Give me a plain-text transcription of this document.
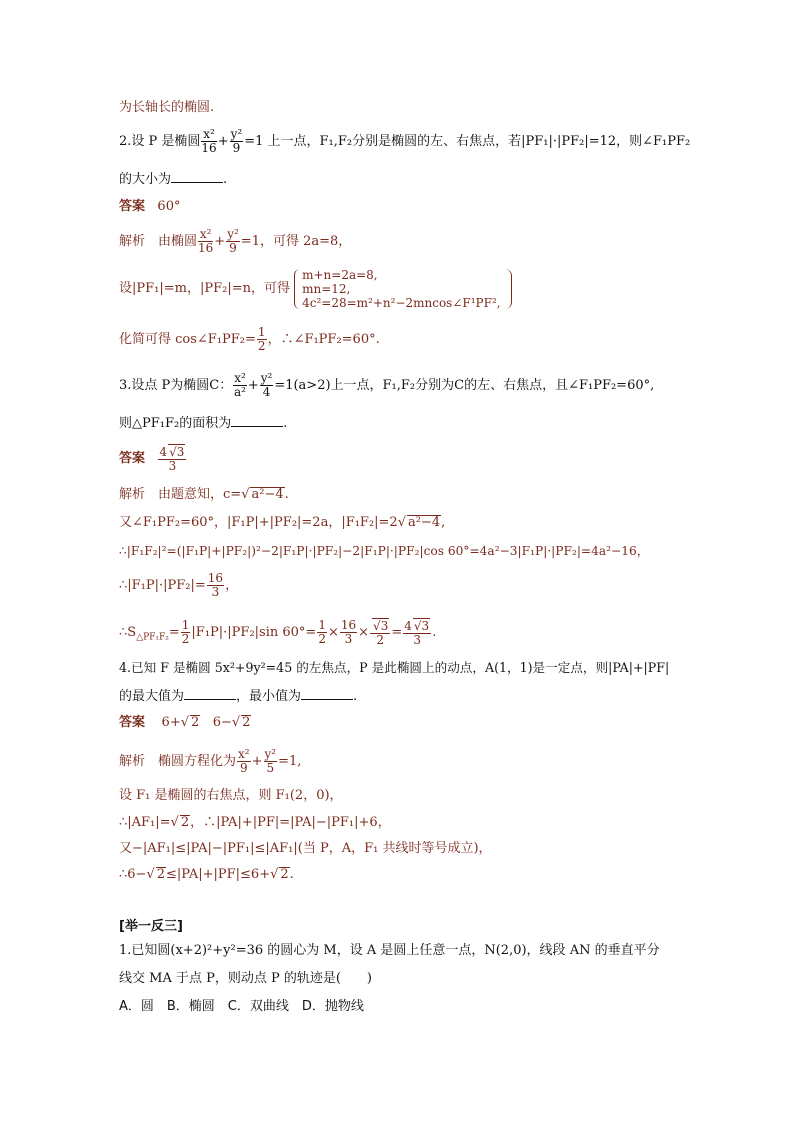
为长轴长的椭圆.
2.设 P 是椭圆 $\frac{\text{x²}}{16} + \frac{\text{y²}}{9} =1$ 上一点，F₁,F₂分别是椭圆的左、右焦点，若|PF₁|·|PF₂|=12，则∠F₁PF₂
的大小为	.
答案 60°
解析　由椭圆 $\frac{\text{x²}}{16} + \frac{\text{y²}}{9} =1$，可得 2a=8，
设|PF₁|=m，|PF₂|=n，可得
m+n=2a=8,
mn=12,
4c²=28=m²+n²−2mncos∠F¹PF²,
化简可得 cos∠F₁PF₂= $\frac{1}{2}$ ，∴∠F₁PF₂=60°.
3.设点 P为椭圆C： $\frac{\text{x²}}{\text{a²}} + \frac{\text{y²}}{4} =1(a>2)$上一点，F₁,F₂分别为C的左、右焦点，且∠F₁PF₂=60°,
则△PF₁F₂的面积为	.
答案 $\frac{4 √3}{3}$
解析　由题意知，c=√ a²−4.
又∠F₁PF₂=60°，|F₁P|+|PF₂|=2a，|F₁F₂|=2√ a²−4,
∴|F₁F₂|²=(|F₁P|+|PF₂|)²−2|F₁P|·|PF₂|−2|F₁P|·|PF₂|cos 60°=4a²−3|F₁P|·|PF₂|=4a²−16，
∴|F₁P|·|PF₂|= $\frac{16}{3}$ ，
$\therefore S_{\triangle PF_1F_2}= \frac{1}{2} |F_1P|\cdot|PF_2|\sin$ $60^\circ= \frac{1}{2} \times \frac{16}{3} \times \frac{√3}{2} = \frac{4 √3}{3}$ .
4.已知 F 是椭圆 5x²+9y²=45 的左焦点，P 是此椭圆上的动点，A(1，1)是一定点，则|PA|+|PF|
的最大值为	，最小值为	.
答案 6+√ 2 6−√ 2
解析　椭圆方程化为 $\frac{\text{x²}}{9} + \frac{\text{y²}}{5} =1$,
设 F₁ 是椭圆的右焦点，则 F₁(2，0)，
∴|AF₁|=√ 2，∴|PA|+|PF|=|PA|−|PF₁|+6，
又−|AF₁|≤|PA|−|PF₁|≤|AF₁|(当 P，A，F₁ 共线时等号成立)，
∴6−√ 2≤|PA|+|PF|≤6+√ 2.
[举一反三]
1.已知圆(x+2)²+y²=36 的圆心为 M，设 A 是圆上任意一点，N(2,0)，线段 AN 的垂直平分
线交 MA 于点 P，则动点 P 的轨迹是(　　)
A．圆　B．椭圆　C．双曲线　D．抛物线
